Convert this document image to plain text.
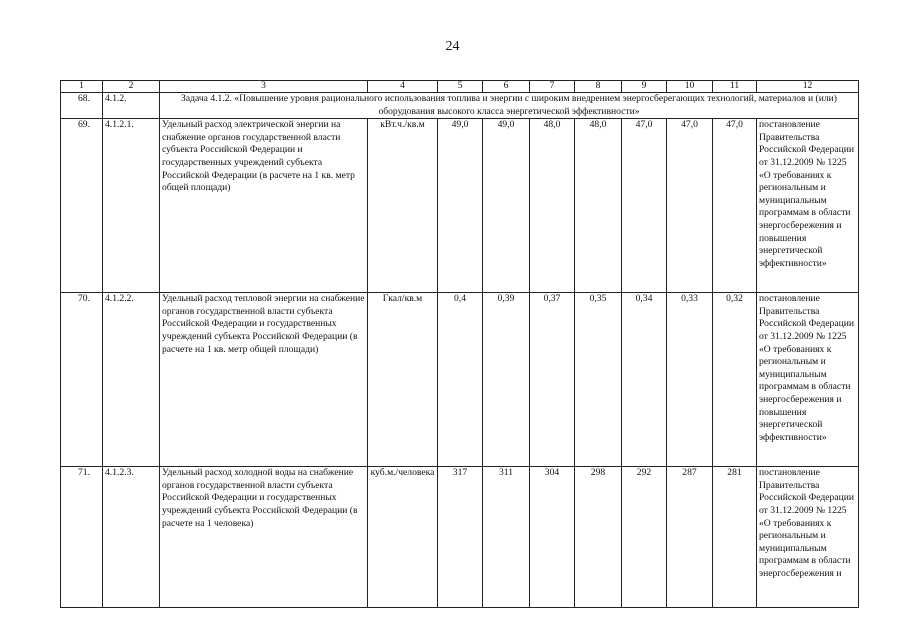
24
1	2	3	4	5	6	7	8	9	10	11	12
68.	4.1.2.	Задача 4.1.2. «Повышение уровня рационального использования топлива и энергии с широким внедрением энергосберегающих технологий, материалов и (или) оборудования высокого класса энергетической эффективности»									
69.	4.1.2.1.	Удельный расход электрической энергии на снабжение органов государственной власти субъекта Российской Федерации и государственных учреждений субъекта Российской Федерации (в расчете на 1 кв. метр общей площади)	кВт.ч./кв.м	49,0	49,0	48,0	48,0	47,0	47,0	47,0	постановление Правительства Российской Федерации от 31.12.2009 № 1225 «О требованиях к региональным и муниципальным программам в области энергосбережения и повышения энергетической эффективности»
70.	4.1.2.2.	Удельный расход тепловой энергии на снабжение органов государственной власти субъекта Российской Федерации и государственных учреждений субъекта Российской Федерации (в расчете на 1 кв. метр общей площади)	Гкал/кв.м	0,4	0,39	0,37	0,35	0,34	0,33	0,32	постановление Правительства Российской Федерации от 31.12.2009 № 1225 «О требованиях к региональным и муниципальным программам в области энергосбережения и повышения энергетической эффективности»
71.	4.1.2.3.	Удельный расход холодной воды на снабжение органов государственной власти субъекта Российской Федерации и государственных учреждений субъекта Российской Федерации (в расчете на 1 человека)	куб.м./человека	317	311	304	298	292	287	281	постановление Правительства Российской Федерации от 31.12.2009 № 1225 «О требованиях к региональным и муниципальным программам в области энергосбережения и
